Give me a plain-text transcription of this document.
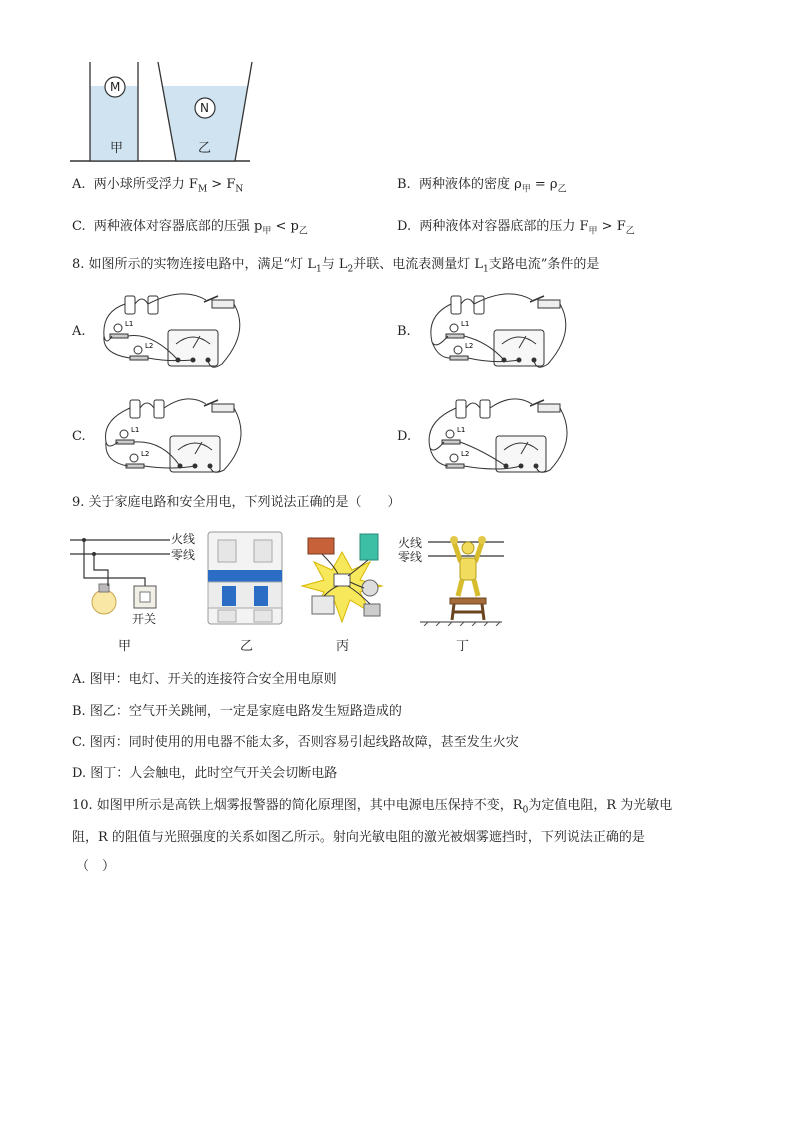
M
N
甲	乙
A. 两小球所受浮力 $F_M > F_N$	B. 两种液体的密度 $\rho_甲 = \rho_乙$
C. 两种液体对容器底部的压强 $p_甲 < p_乙$	D. 两种液体对容器底部的压力 $F_甲 > F_乙$
8. 如图所示的实物连接电路中，满足“灯 $L_1$与 $L_2$并联、电流表测量灯 $L_1$支路电流”条件的是
A.	B.
C.	D.
L1
L2
L1
L2
L1
L2
L1
L2
9. 关于家庭电路和安全用电，下列说法正确的是（　　）
火线
零线
开关
甲	乙	丙
火线
零线
丁
A. 图甲：电灯、开关的连接符合安全用电原则
B. 图乙：空气开关跳闸，一定是家庭电路发生短路造成的
C. 图丙：同时使用的用电器不能太多，否则容易引起线路故障，甚至发生火灾
D. 图丁：人会触电，此时空气开关会切断电路
10. 如图甲所示是高铁上烟雾报警器的简化原理图，其中电源电压保持不变，$R_0$为定值电阻，R 为光敏电
阻，R 的阻值与光照强度的关系如图乙所示。射向光敏电阻的激光被烟雾遮挡时，下列说法正确的是
（　）
